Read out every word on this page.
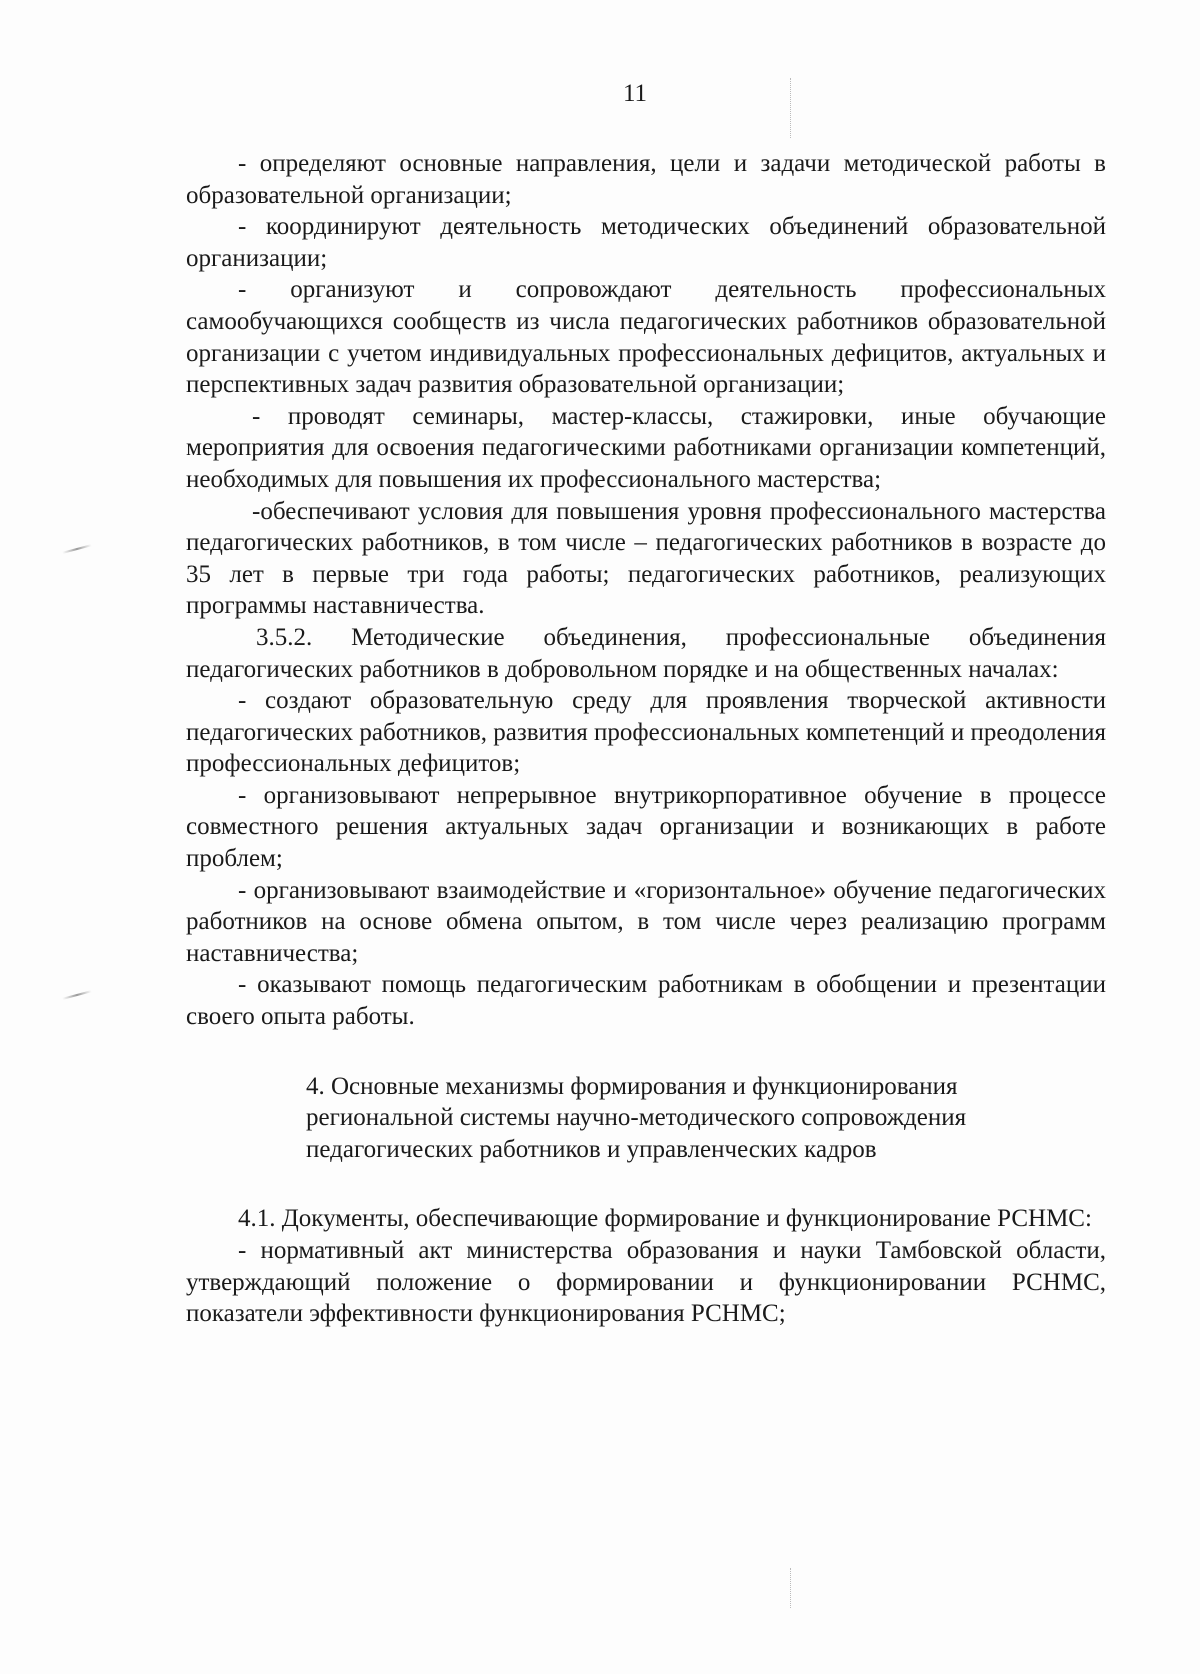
11

- определяют основные направления, цели и задачи методической работы в образовательной организации;

- координируют деятельность методических объединений образовательной организации;

- организуют и сопровождают деятельность профессиональных самообучающихся сообществ из числа педагогических работников образовательной организации с учетом индивидуальных профессиональных дефицитов, актуальных и перспективных задач развития образовательной организации;

- проводят семинары, мастер-классы, стажировки, иные обучающие мероприятия для освоения педагогическими работниками организации компетенций, необходимых для повышения их профессионального мастерства;

-обеспечивают условия для повышения уровня профессионального мастерства педагогических работников, в том числе – педагогических работников в возрасте до 35 лет в первые три года работы; педагогических работников, реализующих программы наставничества.

3.5.2. Методические объединения, профессиональные объединения педагогических работников в добровольном порядке и на общественных началах:

- создают образовательную среду для проявления творческой активности педагогических работников, развития профессиональных компетенций и преодоления профессиональных дефицитов;

- организовывают непрерывное внутрикорпоративное обучение в процессе совместного решения актуальных задач организации и возникающих в работе проблем;

- организовывают взаимодействие и «горизонтальное» обучение педагогических работников на основе обмена опытом, в том числе через реализацию программ наставничества;

- оказывают помощь педагогическим работникам в обобщении и презентации своего опыта работы.

4. Основные механизмы формирования и функционирования
региональной системы научно-методического сопровождения
педагогических работников и управленческих кадров

4.1. Документы, обеспечивающие формирование и функционирование РСНМС:

- нормативный акт министерства образования и науки Тамбовской области, утверждающий положение о формировании и функционировании РСНМС, показатели эффективности функционирования РСНМС;
